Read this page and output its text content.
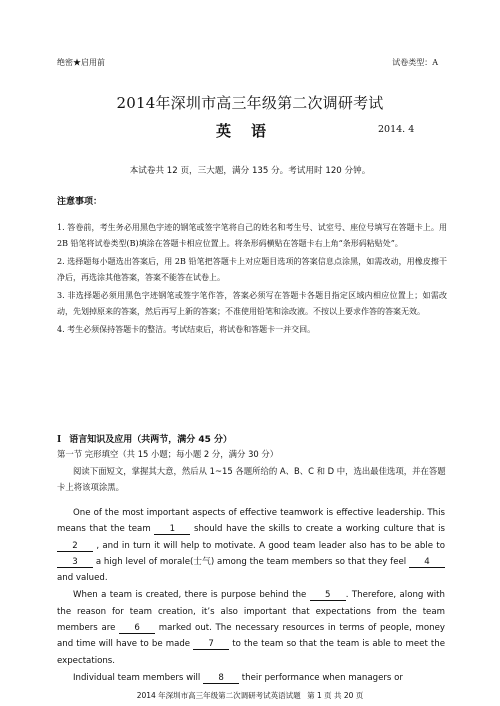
绝密★启用前	试卷类型：A
2014年深圳市高三年级第二次调研考试
英语	2014. 4
本试卷共 12 页，三大题，满分 135 分。考试用时 120 分钟。
注意事项：

1. 答卷前，考生务必用黑色字迹的钢笔或签字笔将自己的姓名和考生号、试室号、座位号填写在答题卡上。用 2B 铅笔将试卷类型(B)填涂在答题卡相应位置上。将条形码横贴在答题卡右上角“条形码粘贴处”。

2. 选择题每小题选出答案后，用 2B 铅笔把答题卡上对应题目选项的答案信息点涂黑，如需改动，用橡皮擦干净后，再选涂其他答案，答案不能答在试卷上。

3. 非选择题必须用黑色字迹钢笔或签字笔作答，答案必须写在答题卡各题目指定区域内相应位置上；如需改动，先划掉原来的答案，然后再写上新的答案；不准使用铅笔和涂改液。不按以上要求作答的答案无效。

4. 考生必须保持答题卡的整洁。考试结束后，将试卷和答题卡一并交回。

I 语言知识及应用（共两节，满分 45 分）
第一节 完形填空（共 15 小题；每小题 2 分，满分 30 分）
阅读下面短文，掌握其大意，然后从 1~15 各题所给的 A、B、C 和 D 中，选出最佳选项，并在答题卡上将该项涂黑。

One of the most important aspects of effective teamwork is effective leadership. This means that the team 1 should have the skills to create a working culture that is 2 , and in turn it will help to motivate. A good team leader also has to be able to 3 a high level of morale(士气) among the team members so that they feel 4 and valued.

When a team is created, there is purpose behind the 5 . Therefore, along with the reason for team creation, it’s also important that expectations from the team members are 6 marked out. The necessary resources in terms of people, money and time will have to be made 7 to the team so that the team is able to meet the expectations.

Individual team members will 8 their performance when managers or

2014 年深圳市高三年级第二次调研考试英语试题 第 1 页 共 20 页
